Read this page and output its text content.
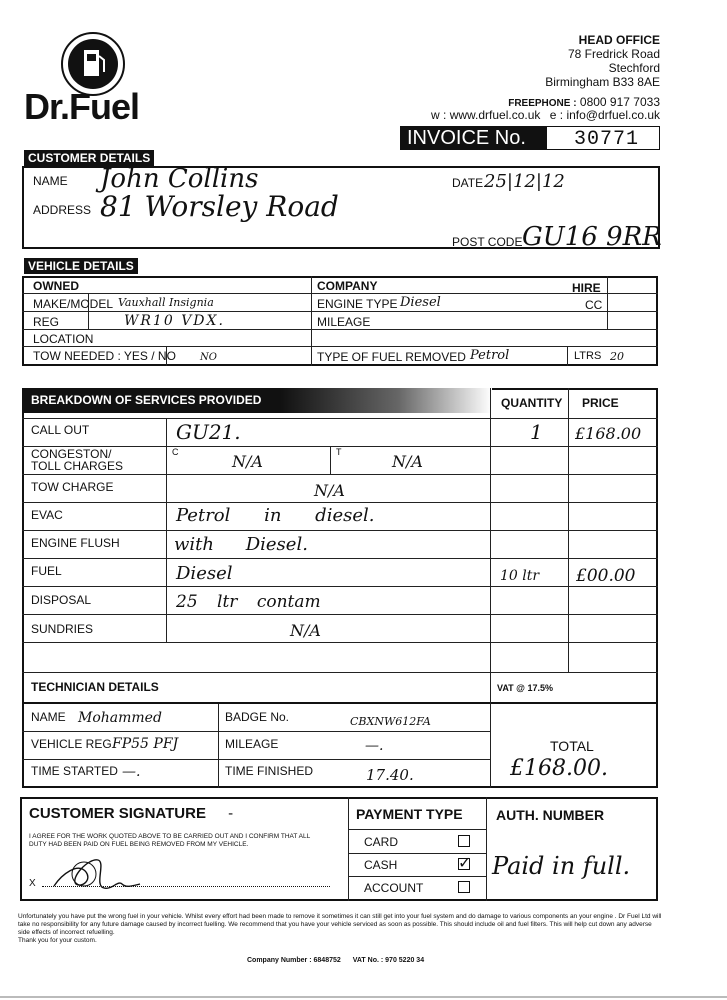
Dr.Fuel
HEAD OFFICE
78 Fredrick Road
Stechford
Birmingham B33 8AE
FREEPHONE : 0800 917 7033
w : www.drfuel.co.uk e : info@drfuel.co.uk
INVOICE No. 30771
CUSTOMER DETAILS
NAME John Collins	DATE 25|12|12
ADDRESS 81 Worsley Road
POST CODE GU16 9RR
VEHICLE DETAILS
OWNED	COMPANY	HIRE
MAKE/MODEL Vauxhall Insignia	ENGINE TYPE Diesel	CC
REG	WR10 VDX.	MILEAGE
LOCATION
TOW NEEDED : YES / NO NO	TYPE OF FUEL REMOVED Petrol	LTRS 20
BREAKDOWN OF SERVICES PROVIDED	QUANTITY PRICE
CALL OUT	GU21.	1 £168.00
CONGESTON/ TOLL CHARGES
C	N/A	T	N/A
TOW CHARGE	N/A
EVAC	Petrol in diesel.
ENGINE FLUSH	with Diesel.
FUEL	Diesel	10 ltr £00.00
DISPOSAL	25 ltr contam
SUNDRIES	N/A
TECHNICIAN DETAILS	VAT @ 17.5%
NAME Mohammed	BADGE No.	CBXNW612FA
VEHICLE REG FP55 PFJ	MILEAGE	—.
TIME STARTED —.	TIME FINISHED	17.40.
TOTAL
£168.00.
CUSTOMER SIGNATURE -
I AGREE FOR THE WORK QUOTED ABOVE TO BE CARRIED OUT AND I CONFIRM THAT ALL DUTY HAD BEEN PAID ON FUEL BEING REMOVED FROM MY VEHICLE.
X
PAYMENT TYPE AUTH. NUMBER
CARD
CASH	✓
ACCOUNT
Paid in full.
Unfortunately you have put the wrong fuel in your vehicle. Whilst every effort had been made to remove it sometimes it can still get into your fuel system and do damage to various components an your engine . Dr Fuel Ltd will take no responsibility for any future damage caused by incorrect fuelling. We recommend that you have your vehicle serviced as soon as possible. This should include oil and fuel filters. This will help cut down any adverse side effects of incorrect refuelling.
Thank you for your custom.
Company Number : 6848752 VAT No. : 970 5220 34
